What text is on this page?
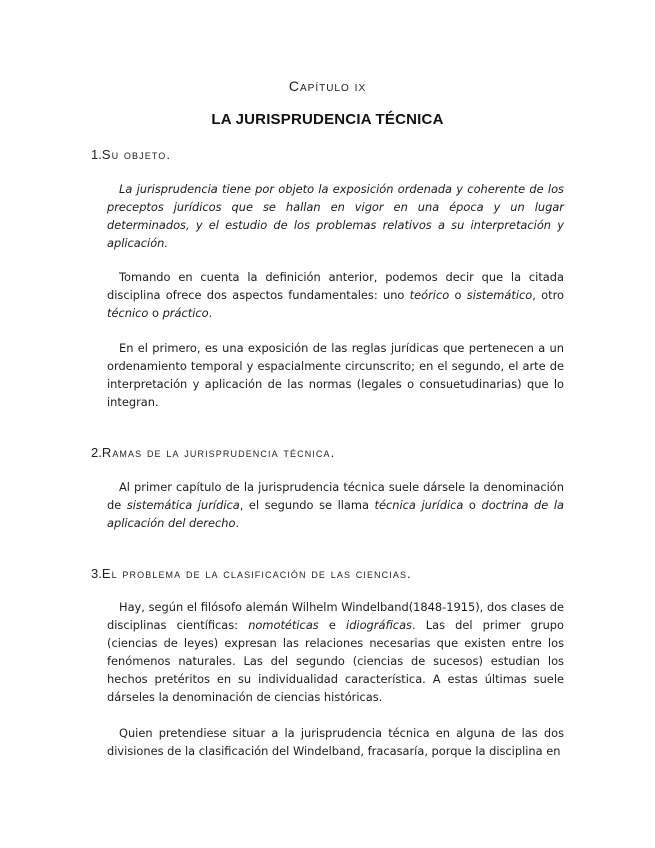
Capítulo ix
LA JURISPRUDENCIA TÉCNICA
1.Su objeto.

La jurisprudencia tiene por objeto la exposición ordenada y coherente de los preceptos jurídicos que se hallan en vigor en una época y un lugar determinados, y el estudio de los problemas relativos a su interpretación y aplicación.

Tomando en cuenta la definición anterior, podemos decir que la citada disciplina ofrece dos aspectos fundamentales: uno teórico o sistemático, otro técnico o práctico.

En el primero, es una exposición de las reglas jurídicas que pertenecen a un ordenamiento temporal y espacialmente circunscrito; en el segundo, el arte de interpretación y aplicación de las normas (legales o consuetudinarias) que lo integran.

2.Ramas de la jurisprudencia técnica.

Al primer capítulo de la jurisprudencia técnica suele dársele la denominación de sistemática jurídica, el segundo se llama técnica jurídica o doctrina de la aplicación del derecho.

3.El problema de la clasificación de las ciencias.

Hay, según el filósofo alemán Wilhelm Windelband(1848-1915), dos clases de disciplinas científicas: nomotéticas e idiográficas. Las del primer grupo (ciencias de leyes) expresan las relaciones necesarias que existen entre los fenómenos naturales. Las del segundo (ciencias de sucesos) estudian los hechos pretéritos en su individualidad característica. A estas últimas suele dárseles la denominación de ciencias históricas.

Quien pretendiese situar a la jurisprudencia técnica en alguna de las dos divisiones de la clasificación del Windelband, fracasaría, porque la disciplina en
